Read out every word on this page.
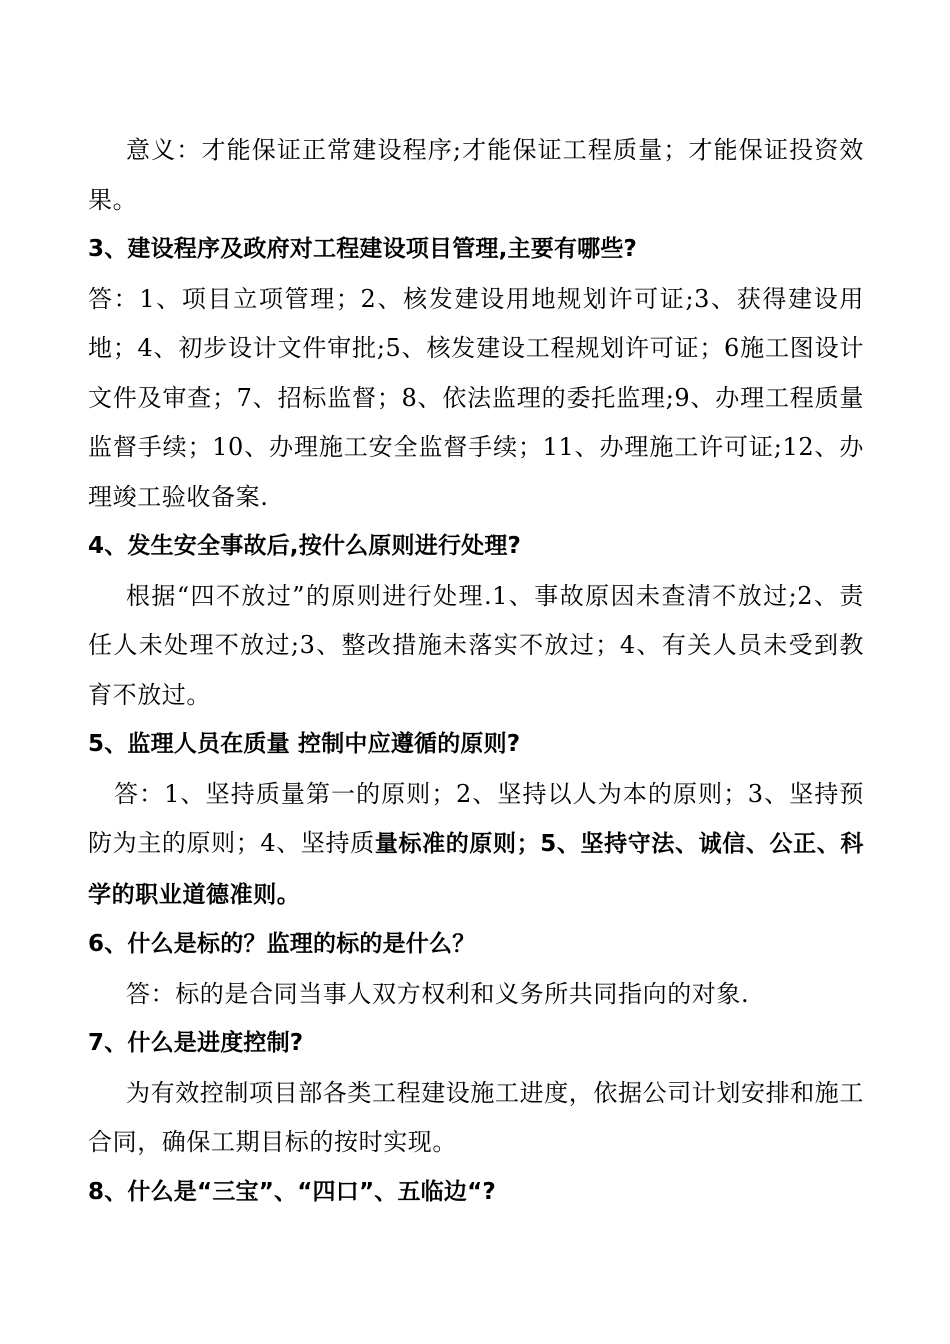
意义：才能保证正常建设程序;才能保证工程质量；才能保证投资效果。

3、建设程序及政府对工程建设项目管理,主要有哪些?

答：1、项目立项管理；2、核发建设用地规划许可证;3、获得建设用地；4、初步设计文件审批;5、核发建设工程规划许可证；6施工图设计文件及审查；7、招标监督；8、依法监理的委托监理;9、办理工程质量监督手续；10、办理施工安全监督手续；11、办理施工许可证;12、办理竣工验收备案.

4、发生安全事故后,按什么原则进行处理?

根据“四不放过”的原则进行处理.1、事故原因未查清不放过;2、责任人未处理不放过;3、整改措施未落实不放过；4、有关人员未受到教育不放过。

5、监理人员在质量 控制中应遵循的原则?

答：1、坚持质量第一的原则；2、坚持以人为本的原则；3、坚持预防为主的原则；4、坚持质量标准的原则；5、坚持守法、诚信、公正、科学的职业道德准则。

6、什么是标的？监理的标的是什么？

答：标的是合同当事人双方权利和义务所共同指向的对象.

7、什么是进度控制?

为有效控制项目部各类工程建设施工进度，依据公司计划安排和施工合同，确保工期目标的按时实现。

8、什么是“三宝”、“四口”、五临边“?
